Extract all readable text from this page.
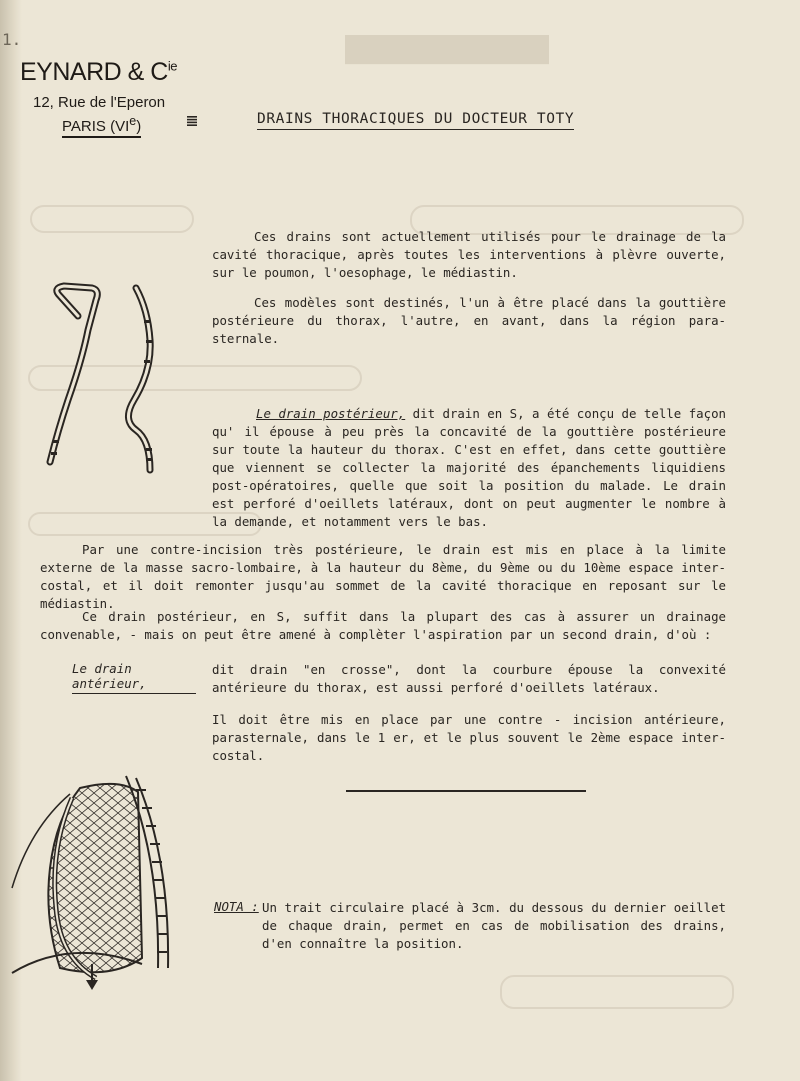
1.	████████████
EYNARD & $C^{ie}$
12, Rue de l'Eperon
PARIS (VIe)	DRAINS THORACIQUES DU DOCTEUR TOTY

Ces drains sont actuellement utilisés pour le drainage de la cavité thoracique, après toutes les interventions à plèvre ouverte, sur le poumon, l'oesophage, le médiastin.

Ces modèles sont destinés, l'un à être placé dans la gouttière postérieure du thorax, l'autre, en avant, dans la région para-sternale.

Le drain postérieur, dit drain en S, a été conçu de telle façon qu' il épouse à peu près la concavité de la gouttière postérieure sur toute la hauteur du thorax. C'est en effet, dans cette gouttière que viennent se collecter la majorité des épanchements liquidiens post-opératoires, quelle que soit la position du malade. Le drain est perforé d'oeillets latéraux, dont on peut augmenter le nombre à la demande, et notamment vers le bas.

Par une contre-incision très postérieure, le drain est mis en place à la limite externe de la masse sacro-lombaire, à la hauteur du 8ème, du 9ème ou du 10ème espace inter-costal, et il doit remonter jusqu'au sommet de la cavité thoracique en reposant sur le médiastin.

Ce drain postérieur, en S, suffit dans la plupart des cas à assurer un drainage convenable, - mais on peut être amené à complèter l'aspiration par un second drain, d'où :

Le drain antérieur,

dit drain "en crosse", dont la courbure épouse la convexité antérieure du thorax, est aussi perforé d'oeillets latéraux.

Il doit être mis en place par une contre - incision antérieure, parasternale, dans le 1 er, et le plus souvent le 2ème espace inter-costal.

NOTA : Un trait circulaire placé à 3cm. du dessous du dernier oeillet de chaque drain, permet en cas de mobilisation des drains, d'en connaître la position.
